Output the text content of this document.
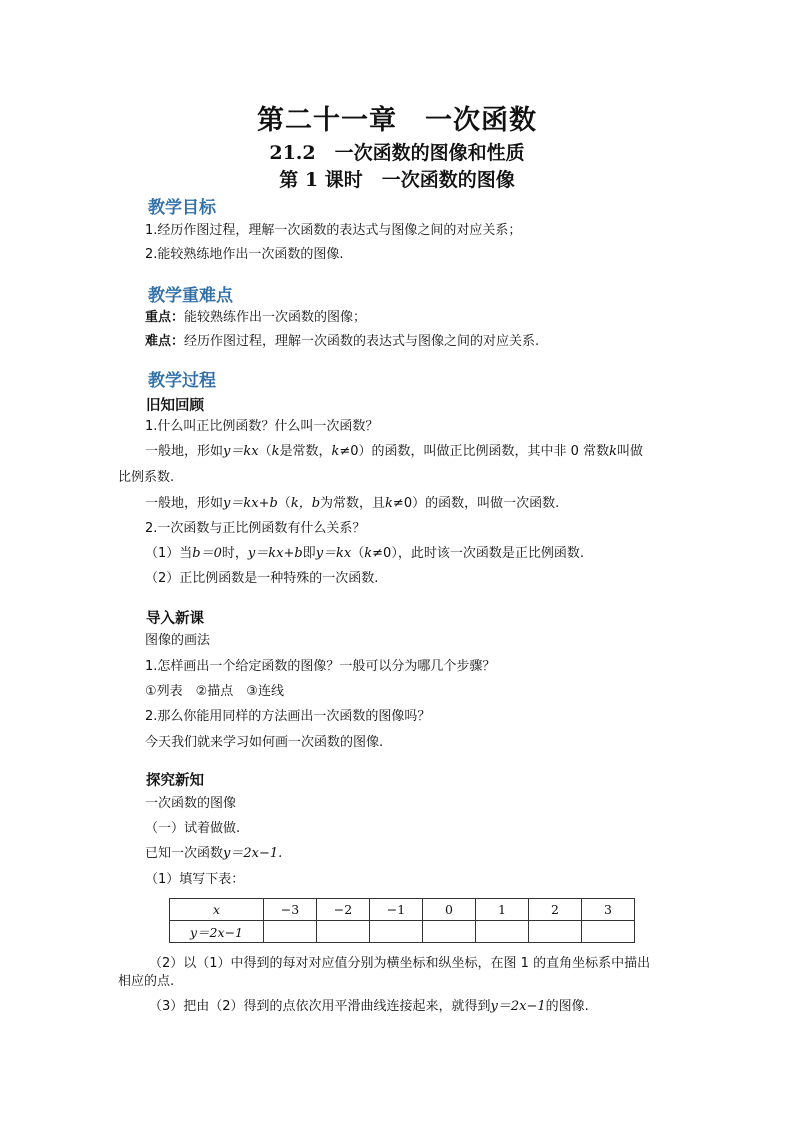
第二十一章　一次函数
21.2　一次函数的图像和性质
第 1 课时　一次函数的图像
教学目标
1.经历作图过程，理解一次函数的表达式与图像之间的对应关系；
2.能较熟练地作出一次函数的图像.
教学重难点
重点：能较熟练作出一次函数的图像；
难点：经历作图过程，理解一次函数的表达式与图像之间的对应关系.
教学过程
旧知回顾
1.什么叫正比例函数？什么叫一次函数？
一般地，形如y＝kx（k是常数，k≠0）的函数，叫做正比例函数，其中非 0 常数k叫做
比例系数.
一般地，形如y＝kx+b（k，b为常数，且k≠0）的函数，叫做一次函数.
2.一次函数与正比例函数有什么关系？
（1）当b＝0时，y＝kx+b即y＝kx（k≠0），此时该一次函数是正比例函数.
（2）正比例函数是一种特殊的一次函数.
导入新课
图像的画法
1.怎样画出一个给定函数的图像？一般可以分为哪几个步骤？
①列表　②描点　③连线
2.那么你能用同样的方法画出一次函数的图像吗？
今天我们就来学习如何画一次函数的图像.
探究新知
一次函数的图像
（一）试着做做.
已知一次函数y＝2x−1.
（1）填写下表：
x	−3	−2	−1	0	1	2	3
y＝2x−1							
（2）以（1）中得到的每对对应值分别为横坐标和纵坐标，在图 1 的直角坐标系中描出
相应的点.
（3）把由（2）得到的点依次用平滑曲线连接起来，就得到y＝2x−1的图像.
